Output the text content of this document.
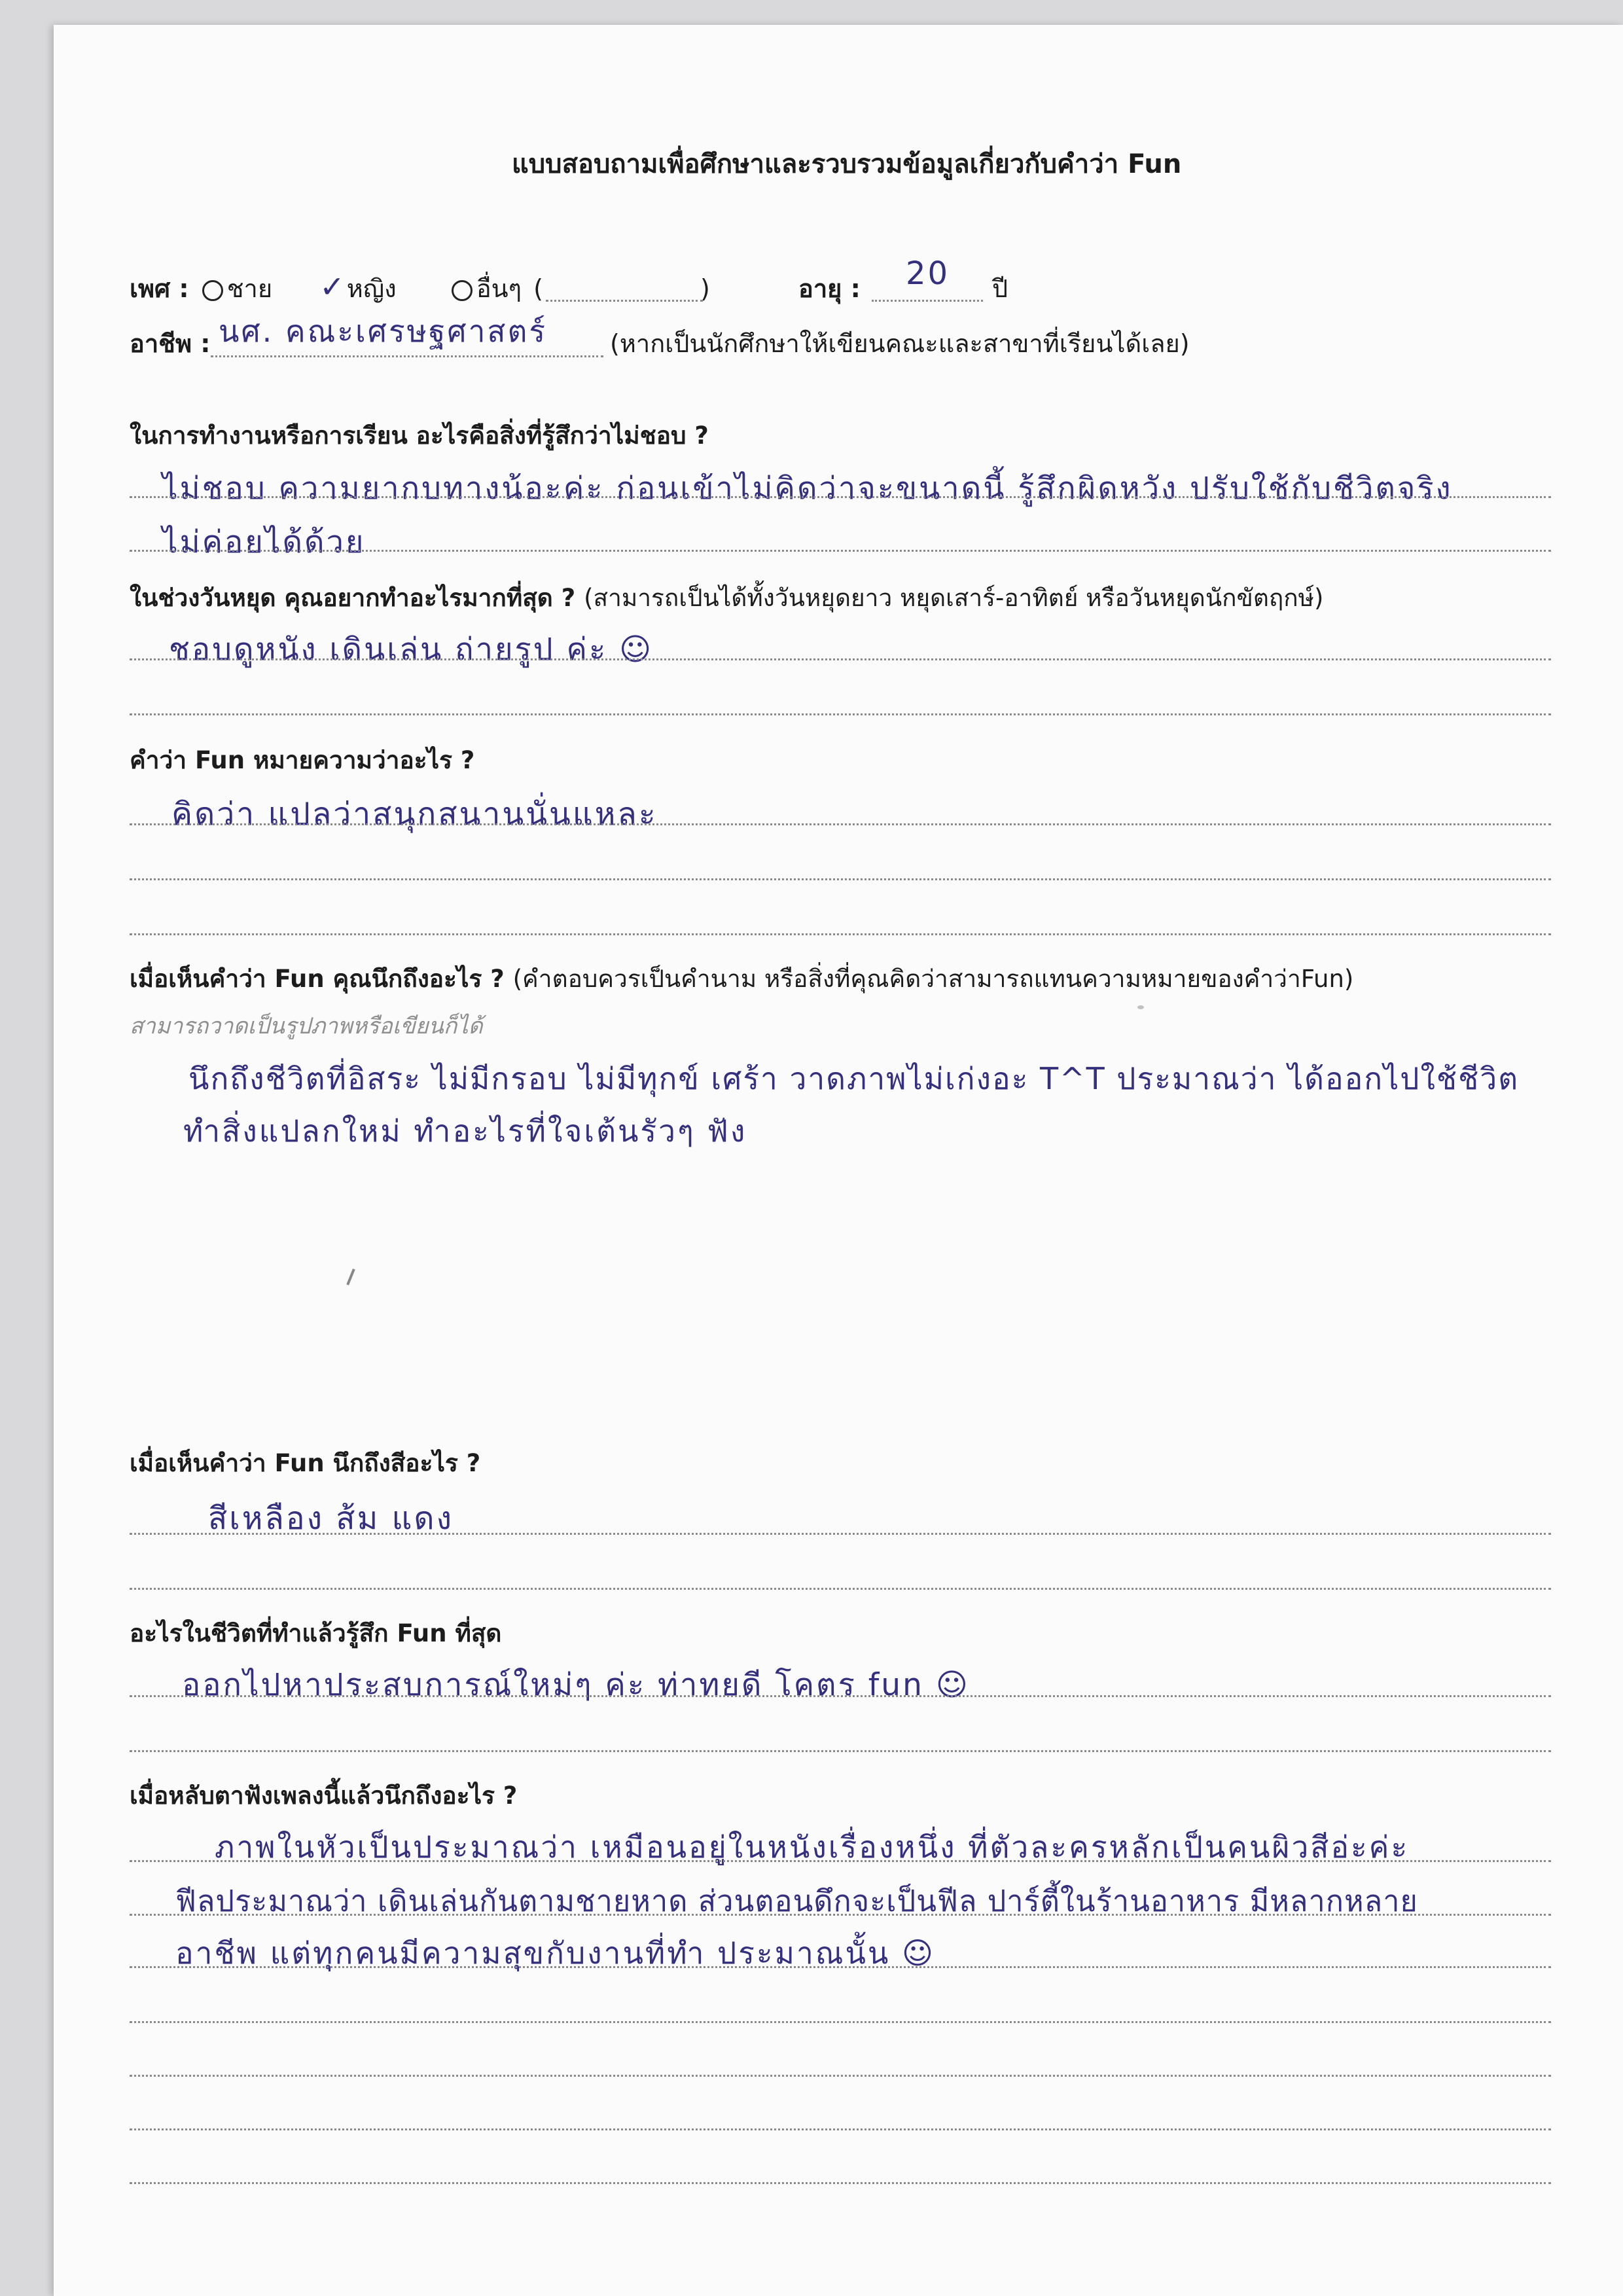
แบบสอบถามเพื่อศึกษาและรวบรวมข้อมูลเกี่ยวกับคำว่า Fun
เพศ : ชาย ✓หญิง	อื่นๆ (	)	อายุ : 20 ปี
อาชีพ : นศ. คณะเศรษฐศาสตร์	(หากเป็นนักศึกษาให้เขียนคณะและสาขาที่เรียนได้เลย)
ในการทำงานหรือการเรียน อะไรคือสิ่งที่รู้สึกว่าไม่ชอบ ?
ไม่ชอบ ความยากบทางน้อะค่ะ ก่อนเข้าไม่คิดว่าจะขนาดนี้ รู้สึกผิดหวัง ปรับใช้กับชีวิตจริง
ไม่ค่อยได้ด้วย
ในช่วงวันหยุด คุณอยากทำอะไรมากที่สุด ? (สามารถเป็นได้ทั้งวันหยุดยาว หยุดเสาร์-อาทิตย์ หรือวันหยุดนักขัตฤกษ์)
ชอบดูหนัง เดินเล่น ถ่ายรูป ค่ะ ☺
คำว่า Fun หมายความว่าอะไร ?
คิดว่า แปลว่าสนุกสนานนั่นแหละ
เมื่อเห็นคำว่า Fun คุณนึกถึงอะไร ? (คำตอบควรเป็นคำนาม หรือสิ่งที่คุณคิดว่าสามารถแทนความหมายของคำว่าFun)
สามารถวาดเป็นรูปภาพหรือเขียนก็ได้
นึกถึงชีวิตที่อิสระ ไม่มีกรอบ ไม่มีทุกข์ เศร้า วาดภาพไม่เก่งอะ T^T ประมาณว่า ได้ออกไปใช้ชีวิต
ทำสิ่งแปลกใหม่ ทำอะไรที่ใจเต้นรัวๆ ฟัง
เมื่อเห็นคำว่า Fun นึกถึงสีอะไร ?
สีเหลือง ส้ม แดง
อะไรในชีวิตที่ทำแล้วรู้สึก Fun ที่สุด
ออกไปหาประสบการณ์ใหม่ๆ ค่ะ ท่าทยดี โคตร fun ☺
เมื่อหลับตาฟังเพลงนี้แล้วนึกถึงอะไร ?
ภาพในหัวเป็นประมาณว่า เหมือนอยู่ในหนังเรื่องหนึ่ง ที่ตัวละครหลักเป็นคนผิวสีอ่ะค่ะ
ฟีลประมาณว่า เดินเล่นกันตามชายหาด ส่วนตอนดึกจะเป็นฟีล ปาร์ตี้ในร้านอาหาร มีหลากหลาย
อาชีพ แต่ทุกคนมีความสุขกับงานที่ทำ ประมาณนั้น ☺
